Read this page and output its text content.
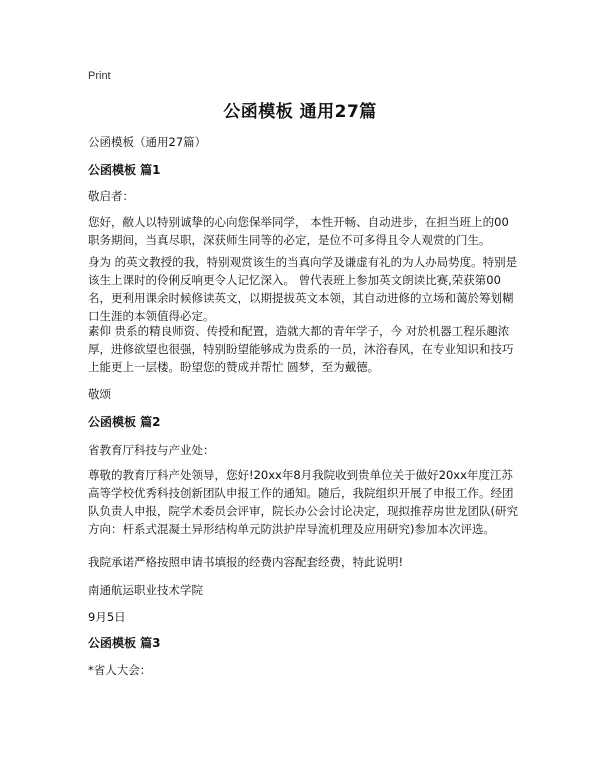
Print
公函模板 通用27篇

公函模板（通用27篇）

公函模板 篇1

敬启者：

您好，敝人以特别诚挚的心向您保举同学， 本性开畅、自动进步，在担当班上的00职务期间，当真尽职，深获师生同等的必定，是位不可多得且令人观赏的门生。

身为 的英文教授的我，特别观赏该生的当真向学及谦虚有礼的为人办局势度。特别是该生上课时的伶俐反响更令人记忆深入。 曾代表班上参加英文朗读比赛,荣获第00名，更利用课余时候修读英文，以期提拔英文本领，其自动进修的立场和蔼於筹划糊口生涯的本领值得必定。

素仰 贵系的精良师资、传授和配置，造就大都的青年学子，今 对於机器工程乐趣浓厚，进修欲望也很强，特别盼望能够成为贵系的一员，沐浴春风，在专业知识和技巧上能更上一层楼。盼望您的赞成并帮忙 圆梦，至为戴德。

敬颂

公函模板 篇2

省教育厅科技与产业处：

尊敬的教育厅科产处领导，您好!20xx年8月我院收到贵单位关于做好20xx年度江苏高等学校优秀科技创新团队申报工作的通知。随后，我院组织开展了申报工作。经团队负责人申报，院学术委员会评审，院长办公会讨论决定，现拟推荐房世龙团队(研究方向：杆系式混凝土异形结构单元防洪护岸导流机理及应用研究)参加本次评选。

我院承诺严格按照申请书填报的经费内容配套经费，特此说明!

南通航运职业技术学院

9月5日

公函模板 篇3

*省人大会：
